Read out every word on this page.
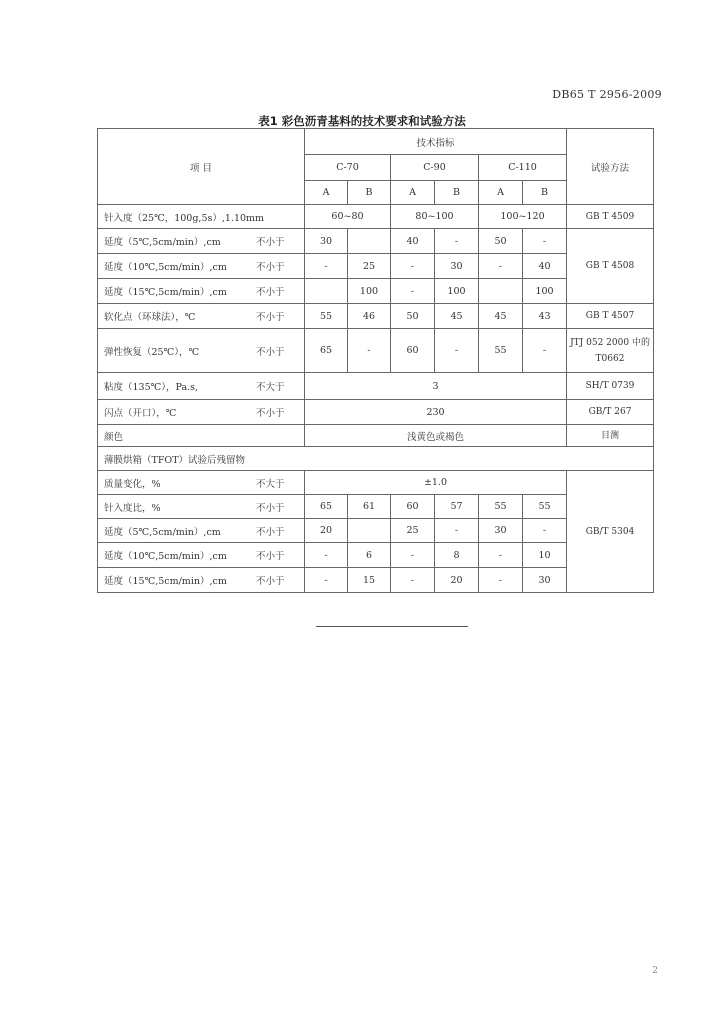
DB65 T 2956-2009
表1 彩色沥青基料的技术要求和试验方法
项 目	技术指标						试验方法
	C-70		C-90		C-110		
	A	B	A	B	A	B	
针入度（25℃，100g,5s）,1.10mm	60~80		80~100		100~120		GB T 4509
延度（5℃,5cm/min）,cm 不小于	30		40	-	50	-	GB T 4508
延度（10℃,5cm/min）,cm 不小于	-	25	-	30	-	40	
延度（15℃,5cm/min）,cm 不小于		100	-	100		100	
软化点（环球法），℃ 不小于	55	46	50	45	45	43	GB T 4507
弹性恢复（25℃），℃ 不小于	65	-	60	-	55	-	JTJ 052 2000 中的 T0662
粘度（135℃），Pa.s, 不大于	3						SH/T 0739
闪点（开口），℃ 不小于	230						GB/T 267
颜色	浅黄色或褐色						目测
薄膜烘箱（TFOT）试验后残留物							
质量变化，% 不大于	±1.0						GB/T 5304
针入度比，% 不小于	65	61	60	57	55	55	
延度（5℃,5cm/min）,cm 不小于	20		25	-	30	-	
延度（10℃,5cm/min）,cm 不小于	-	6	-	8	-	10	
延度（15℃,5cm/min）,cm 不小于	-	15	-	20	-	30	
2
